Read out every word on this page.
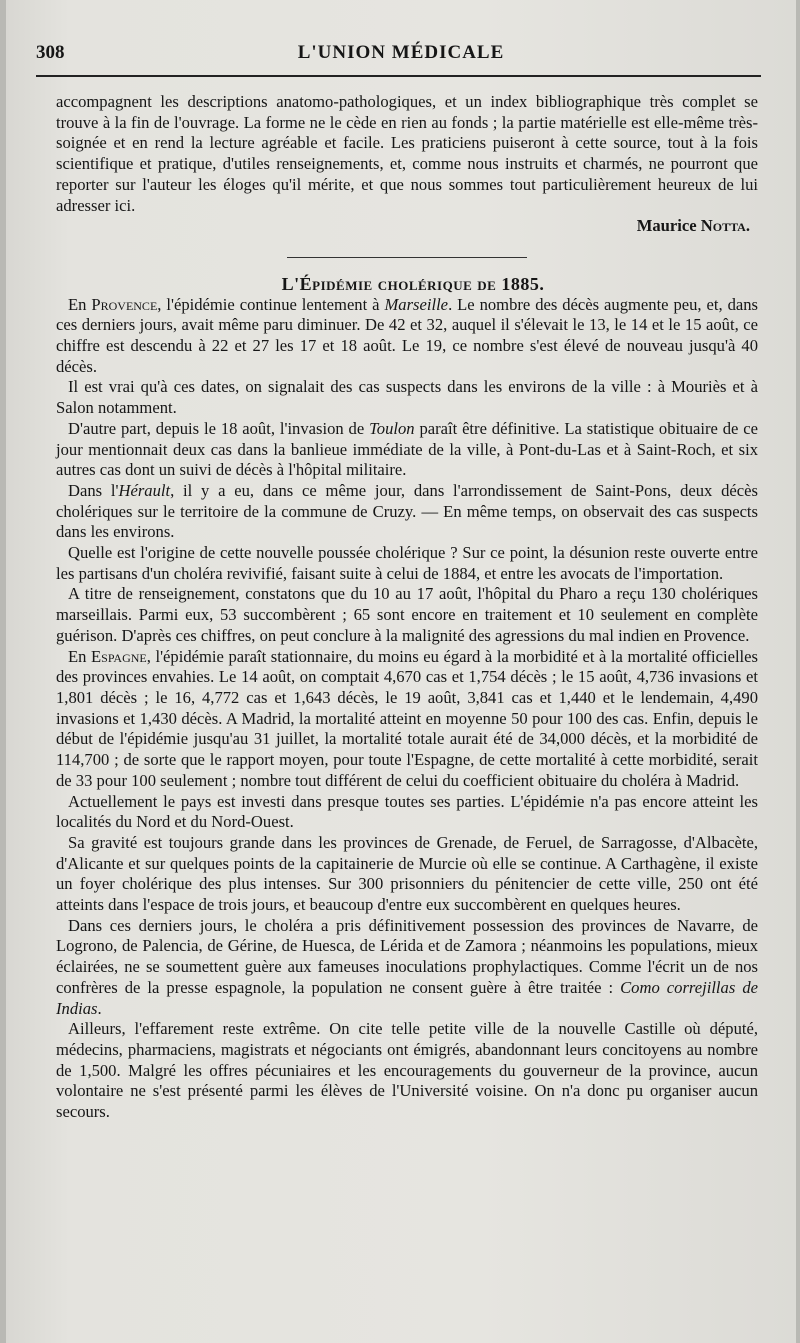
308	L'UNION MÉDICALE

accompagnent les descriptions anatomo-pathologiques, et un index bibliographique très complet se trouve à la fin de l'ouvrage. La forme ne le cède en rien au fonds ; la partie matérielle est elle-même très-soignée et en rend la lecture agréable et facile. Les praticiens puiseront à cette source, tout à la fois scientifique et pratique, d'utiles renseignements, et, comme nous instruits et charmés, ne pourront que reporter sur l'auteur les éloges qu'il mérite, et que nous sommes tout particulièrement heureux de lui adresser ici.

Maurice Notta.

L'Épidémie cholérique de 1885.

En Provence, l'épidémie continue lentement à Marseille. Le nombre des décès augmente peu, et, dans ces derniers jours, avait même paru diminuer. De 42 et 32, auquel il s'élevait le 13, le 14 et le 15 août, ce chiffre est descendu à 22 et 27 les 17 et 18 août. Le 19, ce nombre s'est élevé de nouveau jusqu'à 40 décès.

Il est vrai qu'à ces dates, on signalait des cas suspects dans les environs de la ville : à Mouriès et à Salon notamment.

D'autre part, depuis le 18 août, l'invasion de Toulon paraît être définitive. La statistique obituaire de ce jour mentionnait deux cas dans la banlieue immédiate de la ville, à Pont-du-Las et à Saint-Roch, et six autres cas dont un suivi de décès à l'hôpital militaire.

Dans l'Hérault, il y a eu, dans ce même jour, dans l'arrondissement de Saint-Pons, deux décès cholériques sur le territoire de la commune de Cruzy. — En même temps, on observait des cas suspects dans les environs.

Quelle est l'origine de cette nouvelle poussée cholérique ? Sur ce point, la désunion reste ouverte entre les partisans d'un choléra revivifié, faisant suite à celui de 1884, et entre les avocats de l'importation.

A titre de renseignement, constatons que du 10 au 17 août, l'hôpital du Pharo a reçu 130 cholériques marseillais. Parmi eux, 53 succombèrent ; 65 sont encore en traitement et 10 seulement en complète guérison. D'après ces chiffres, on peut conclure à la malignité des agressions du mal indien en Provence.

En Espagne, l'épidémie paraît stationnaire, du moins eu égard à la morbidité et à la mortalité officielles des provinces envahies. Le 14 août, on comptait 4,670 cas et 1,754 décès ; le 15 août, 4,736 invasions et 1,801 décès ; le 16, 4,772 cas et 1,643 décès, le 19 août, 3,841 cas et 1,440 et le lendemain, 4,490 invasions et 1,430 décès. A Madrid, la mortalité atteint en moyenne 50 pour 100 des cas. Enfin, depuis le début de l'épidémie jusqu'au 31 juillet, la mortalité totale aurait été de 34,000 décès, et la morbidité de 114,700 ; de sorte que le rapport moyen, pour toute l'Espagne, de cette mortalité à cette morbidité, serait de 33 pour 100 seulement ; nombre tout différent de celui du coefficient obituaire du choléra à Madrid.

Actuellement le pays est investi dans presque toutes ses parties. L'épidémie n'a pas encore atteint les localités du Nord et du Nord-Ouest.

Sa gravité est toujours grande dans les provinces de Grenade, de Feruel, de Sarragosse, d'Albacète, d'Alicante et sur quelques points de la capitainerie de Murcie où elle se continue. A Carthagène, il existe un foyer cholérique des plus intenses. Sur 300 prisonniers du pénitencier de cette ville, 250 ont été atteints dans l'espace de trois jours, et beaucoup d'entre eux succombèrent en quelques heures.

Dans ces derniers jours, le choléra a pris définitivement possession des provinces de Navarre, de Logrono, de Palencia, de Gérine, de Huesca, de Lérida et de Zamora ; néanmoins les populations, mieux éclairées, ne se soumettent guère aux fameuses inoculations prophylactiques. Comme l'écrit un de nos confrères de la presse espagnole, la population ne consent guère à être traitée : Como correjillas de Indias.

Ailleurs, l'effarement reste extrême. On cite telle petite ville de la nouvelle Castille où député, médecins, pharmaciens, magistrats et négociants ont émigrés, abandonnant leurs concitoyens au nombre de 1,500. Malgré les offres pécuniaires et les encouragements du gouverneur de la province, aucun volontaire ne s'est présenté parmi les élèves de l'Université voisine. On n'a donc pu organiser aucun secours.
